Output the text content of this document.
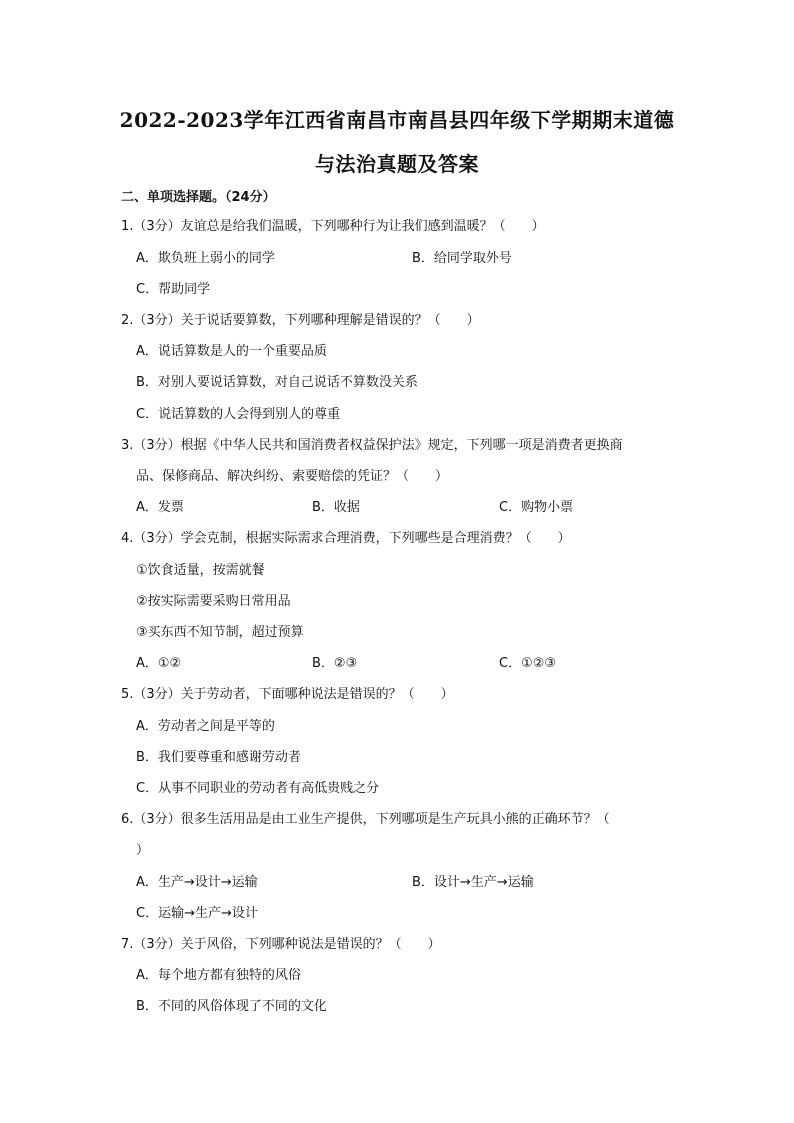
2022-2023学年江西省南昌市南昌县四年级下学期期末道德
与法治真题及答案
二、单项选择题。（24分）
1.（3分）友谊总是给我们温暖，下列哪种行为让我们感到温暖？（　　）
A．欺负班上弱小的同学	B．给同学取外号
C．帮助同学
2.（3分）关于说话要算数，下列哪种理解是错误的？（　　）
A．说话算数是人的一个重要品质
B．对别人要说话算数，对自己说话不算数没关系
C．说话算数的人会得到别人的尊重
3.（3分）根据《中华人民共和国消费者权益保护法》规定，下列哪一项是消费者更换商
品、保修商品、解决纠纷、索要赔偿的凭证？（　　）
A．发票	B．收据	C．购物小票
4.（3分）学会克制，根据实际需求合理消费，下列哪些是合理消费？（　　）
①饮食适量，按需就餐
②按实际需要采购日常用品
③买东西不知节制，超过预算
A．①②	B．②③	C．①②③
5.（3分）关于劳动者，下面哪种说法是错误的？（　　）
A．劳动者之间是平等的
B．我们要尊重和感谢劳动者
C．从事不同职业的劳动者有高低贵贱之分
6.（3分）很多生活用品是由工业生产提供，下列哪项是生产玩具小熊的正确环节？（
）
A．生产→设计→运输	B．设计→生产→运输
C．运输→生产→设计
7.（3分）关于风俗，下列哪种说法是错误的？（　　）
A．每个地方都有独特的风俗
B．不同的风俗体现了不同的文化
